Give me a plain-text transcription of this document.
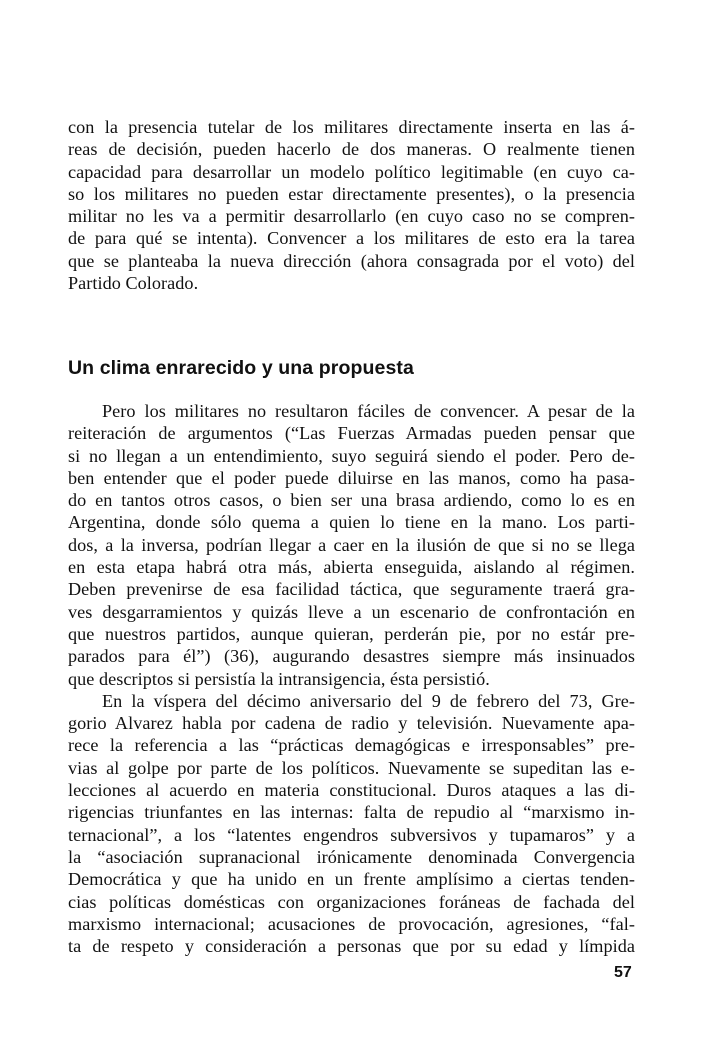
con la presencia tutelar de los militares directamente inserta en las á-
reas de decisión, pueden hacerlo de dos maneras. O realmente tienen
capacidad para desarrollar un modelo político legitimable (en cuyo ca-
so los militares no pueden estar directamente presentes), o la presencia
militar no les va a permitir desarrollarlo (en cuyo caso no se compren-
de para qué se intenta). Convencer a los militares de esto era la tarea
que se planteaba la nueva dirección (ahora consagrada por el voto) del
Partido Colorado.
Un clima enrarecido y una propuesta
Pero los militares no resultaron fáciles de convencer. A pesar de la
reiteración de argumentos (“Las Fuerzas Armadas pueden pensar que
si no llegan a un entendimiento, suyo seguirá siendo el poder. Pero de-
ben entender que el poder puede diluirse en las manos, como ha pasa-
do en tantos otros casos, o bien ser una brasa ardiendo, como lo es en
Argentina, donde sólo quema a quien lo tiene en la mano. Los parti-
dos, a la inversa, podrían llegar a caer en la ilusión de que si no se llega
en esta etapa habrá otra más, abierta enseguida, aislando al régimen.
Deben prevenirse de esa facilidad táctica, que seguramente traerá gra-
ves desgarramientos y quizás lleve a un escenario de confrontación en
que nuestros partidos, aunque quieran, perderán pie, por no estár pre-
parados para él”) (36), augurando desastres siempre más insinuados
que descriptos si persistía la intransigencia, ésta persistió.
En la víspera del décimo aniversario del 9 de febrero del 73, Gre-
gorio Alvarez habla por cadena de radio y televisión. Nuevamente apa-
rece la referencia a las “prácticas demagógicas e irresponsables” pre-
vias al golpe por parte de los políticos. Nuevamente se supeditan las e-
lecciones al acuerdo en materia constitucional. Duros ataques a las di-
rigencias triunfantes en las internas: falta de repudio al “marxismo in-
ternacional”, a los “latentes engendros subversivos y tupamaros” y a
la “asociación supranacional irónicamente denominada Convergencia
Democrática y que ha unido en un frente amplísimo a ciertas tenden-
cias políticas domésticas con organizaciones foráneas de fachada del
marxismo internacional; acusaciones de provocación, agresiones, “fal-
ta de respeto y consideración a personas que por su edad y límpida
57
